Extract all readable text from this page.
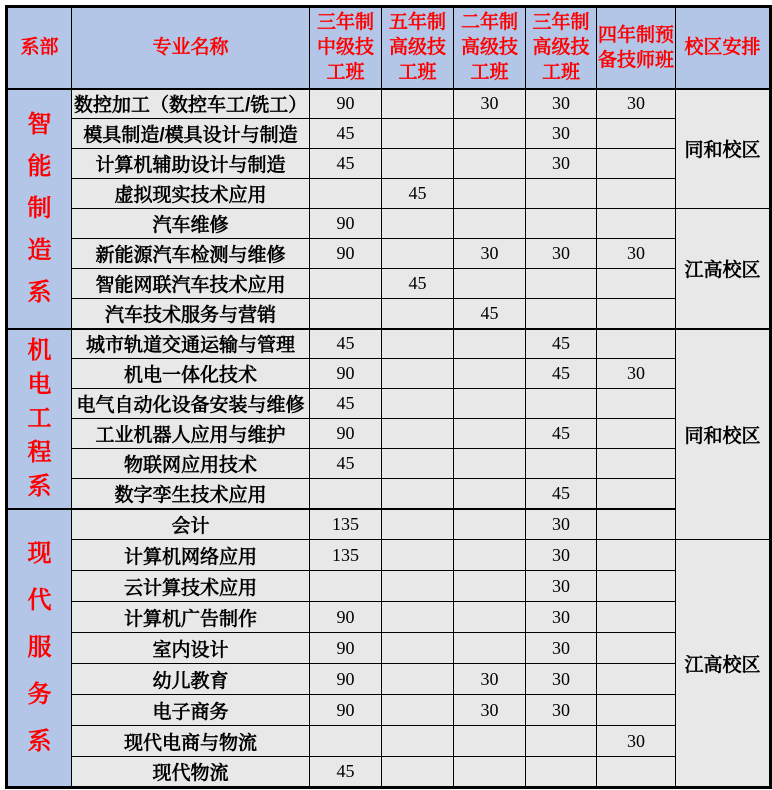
系部	专业名称	三年制中级技工班	五年制高级技工班	二年制高级技工班	三年制高级技工班	四年制预备技师班	校区安排
智能制造系	数控加工（数控车工/铣工）	90		30	30	30	同和校区
	模具制造/模具设计与制造	45			30		
	计算机辅助设计与制造	45			30		
	虚拟现实技术应用		45				
	汽车维修	90					江高校区
	新能源汽车检测与维修	90		30	30	30	
	智能网联汽车技术应用		45				
	汽车技术服务与营销			45			
机电工程系	城市轨道交通运输与管理	45			45		同和校区
	机电一体化技术	90			45	30	
	电气自动化设备安装与维修	45					
	工业机器人应用与维护	90			45		
	物联网应用技术	45					
	数字孪生技术应用				45		
现代服务系	会计	135			30		
	计算机网络应用	135			30		江高校区
	云计算技术应用				30		
	计算机广告制作	90			30		
	室内设计	90			30		
	幼儿教育	90		30	30		
	电子商务	90		30	30		
	现代电商与物流					30	
	现代物流	45					
